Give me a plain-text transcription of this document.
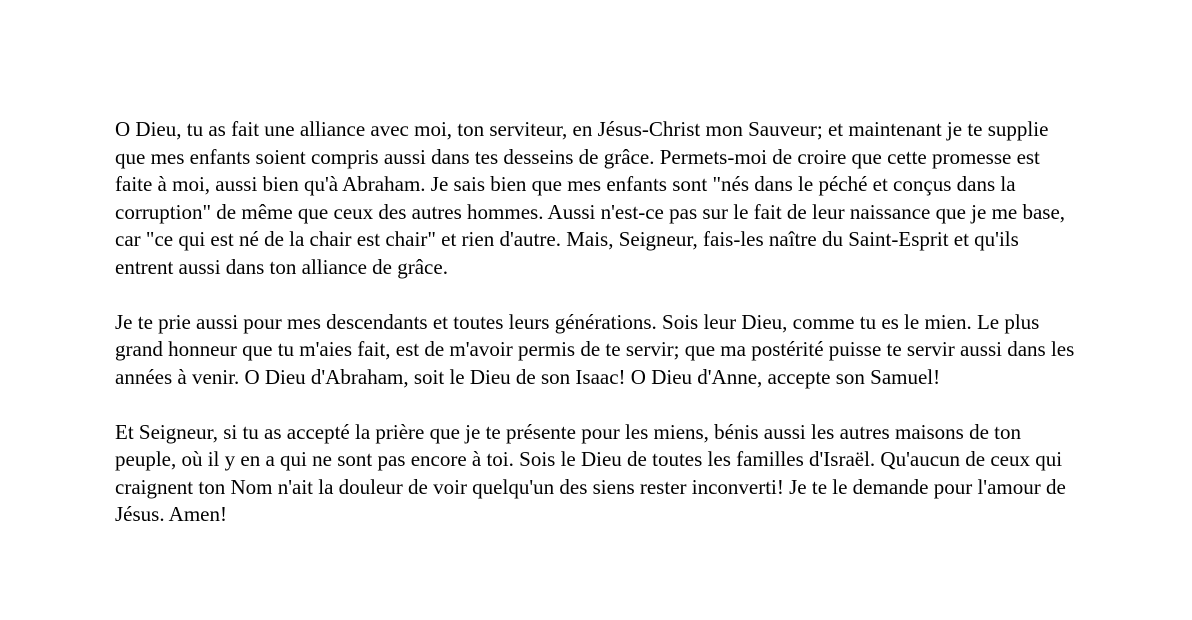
O Dieu, tu as fait une alliance avec moi, ton serviteur, en Jésus-Christ mon Sauveur; et maintenant je te supplie que mes enfants soient compris aussi dans tes desseins de grâce. Permets-moi de croire que cette promesse est faite à moi, aussi bien qu'à Abraham. Je sais bien que mes enfants sont "nés dans le péché et conçus dans la corruption" de même que ceux des autres hommes. Aussi n'est-ce pas sur le fait de leur naissance que je me base, car "ce qui est né de la chair est chair" et rien d'autre. Mais, Seigneur, fais-les naître du Saint-Esprit et qu'ils entrent aussi dans ton alliance de grâce.

Je te prie aussi pour mes descendants et toutes leurs générations. Sois leur Dieu, comme tu es le mien. Le plus grand honneur que tu m'aies fait, est de m'avoir permis de te servir; que ma postérité puisse te servir aussi dans les années à venir. O Dieu d'Abraham, soit le Dieu de son Isaac! O Dieu d'Anne, accepte son Samuel!

Et Seigneur, si tu as accepté la prière que je te présente pour les miens, bénis aussi les autres maisons de ton peuple, où il y en a qui ne sont pas encore à toi. Sois le Dieu de toutes les familles d'Israël. Qu'aucun de ceux qui craignent ton Nom n'ait la douleur de voir quelqu'un des siens rester inconverti! Je te le demande pour l'amour de Jésus. Amen!
